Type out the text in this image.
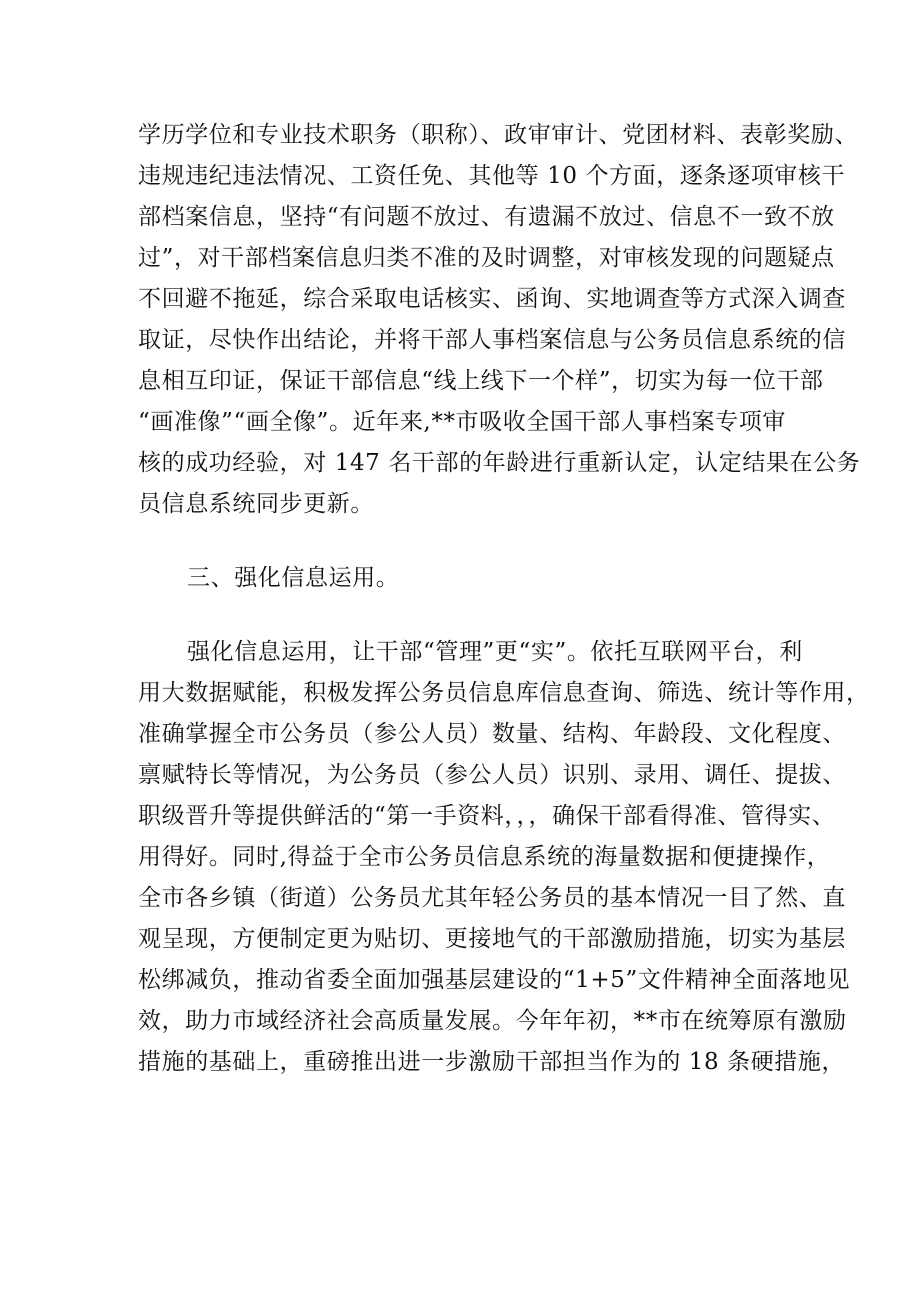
学历学位和专业技术职务（职称）、政审审计、党团材料、表彰奖励、
违规违纪违法情况、工资任免、其他等 10 个方面，逐条逐项审核干
部档案信息，坚持“有问题不放过、有遗漏不放过、信息不一致不放
过”，对干部档案信息归类不准的及时调整，对审核发现的问题疑点
不回避不拖延，综合采取电话核实、函询、实地调查等方式深入调查
取证，尽快作出结论，并将干部人事档案信息与公务员信息系统的信
息相互印证，保证干部信息“线上线下一个样”，切实为每一位干部
“画准像”“画全像”。近年来,**市吸收全国干部人事档案专项审
核的成功经验，对 147 名干部的年龄进行重新认定，认定结果在公务
员信息系统同步更新。
三、强化信息运用。
强化信息运用，让干部“管理”更“实”。依托互联网平台，利
用大数据赋能，积极发挥公务员信息库信息查询、筛选、统计等作用，
准确掌握全市公务员（参公人员）数量、结构、年龄段、文化程度、
禀赋特长等情况，为公务员（参公人员）识别、录用、调任、提拔、
职级晋升等提供鲜活的“第一手资料，，，确保干部看得准、管得实、
用得好。同时,得益于全市公务员信息系统的海量数据和便捷操作，
全市各乡镇（街道）公务员尤其年轻公务员的基本情况一目了然、直
观呈现，方便制定更为贴切、更接地气的干部激励措施，切实为基层
松绑减负，推动省委全面加强基层建设的“1+5”文件精神全面落地见
效，助力市域经济社会高质量发展。今年年初，**市在统筹原有激励
措施的基础上，重磅推出进一步激励干部担当作为的 18 条硬措施，
